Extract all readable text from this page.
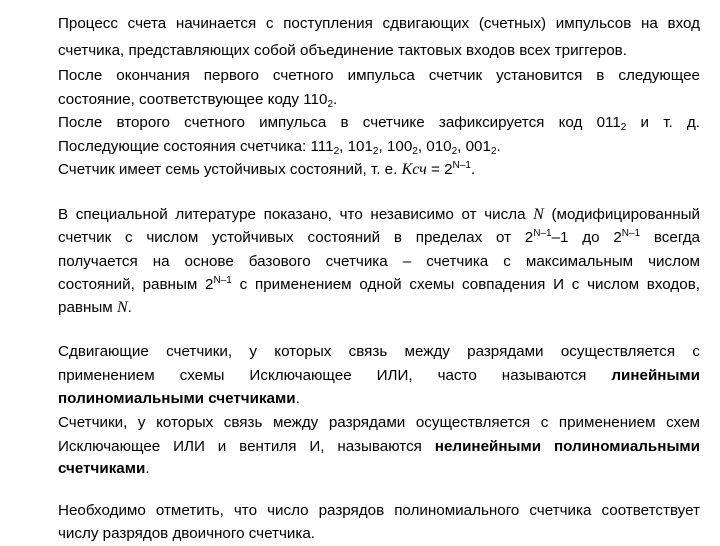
Процесс счета начинается с поступления сдвигающих (счетных) импульсов на вход
счетчика, представляющих собой объединение тактовых входов всех триггеров.
После окончания первого счетного импульса счетчик установится в следующее
состояние, соответствующее коду $110_2$.
После второго счетного импульса в счетчике зафиксируется код $011_2$ и т. д.
Последующие состояния счетчика: $111_2$, $101_2$, $100_2$, $010_2$, $001_2$.
Счетчик имеет семь устойчивых состояний, т. е. Kсч = $2^{N-1}$.
В специальной литературе показано, что независимо от числа N (модифицированный
счетчик с числом устойчивых состояний в пределах от $2^{N-1}-1$ до $2^{N-1}$ всегда
получается на основе базового счетчика – счетчика с максимальным числом
состояний, равным $2^{N-1}$ с применением одной схемы совпадения И с числом входов,
равным N.
Сдвигающие счетчики, у которых связь между разрядами осуществляется с
применением схемы Исключающее ИЛИ, часто называются линейными
полиномиальными счетчиками.
Счетчики, у которых связь между разрядами осуществляется с применением схем
Исключающее ИЛИ и вентиля И, называются нелинейными полиномиальными
счетчиками.
Необходимо отметить, что число разрядов полиномиального счетчика соответствует
числу разрядов двоичного счетчика.
